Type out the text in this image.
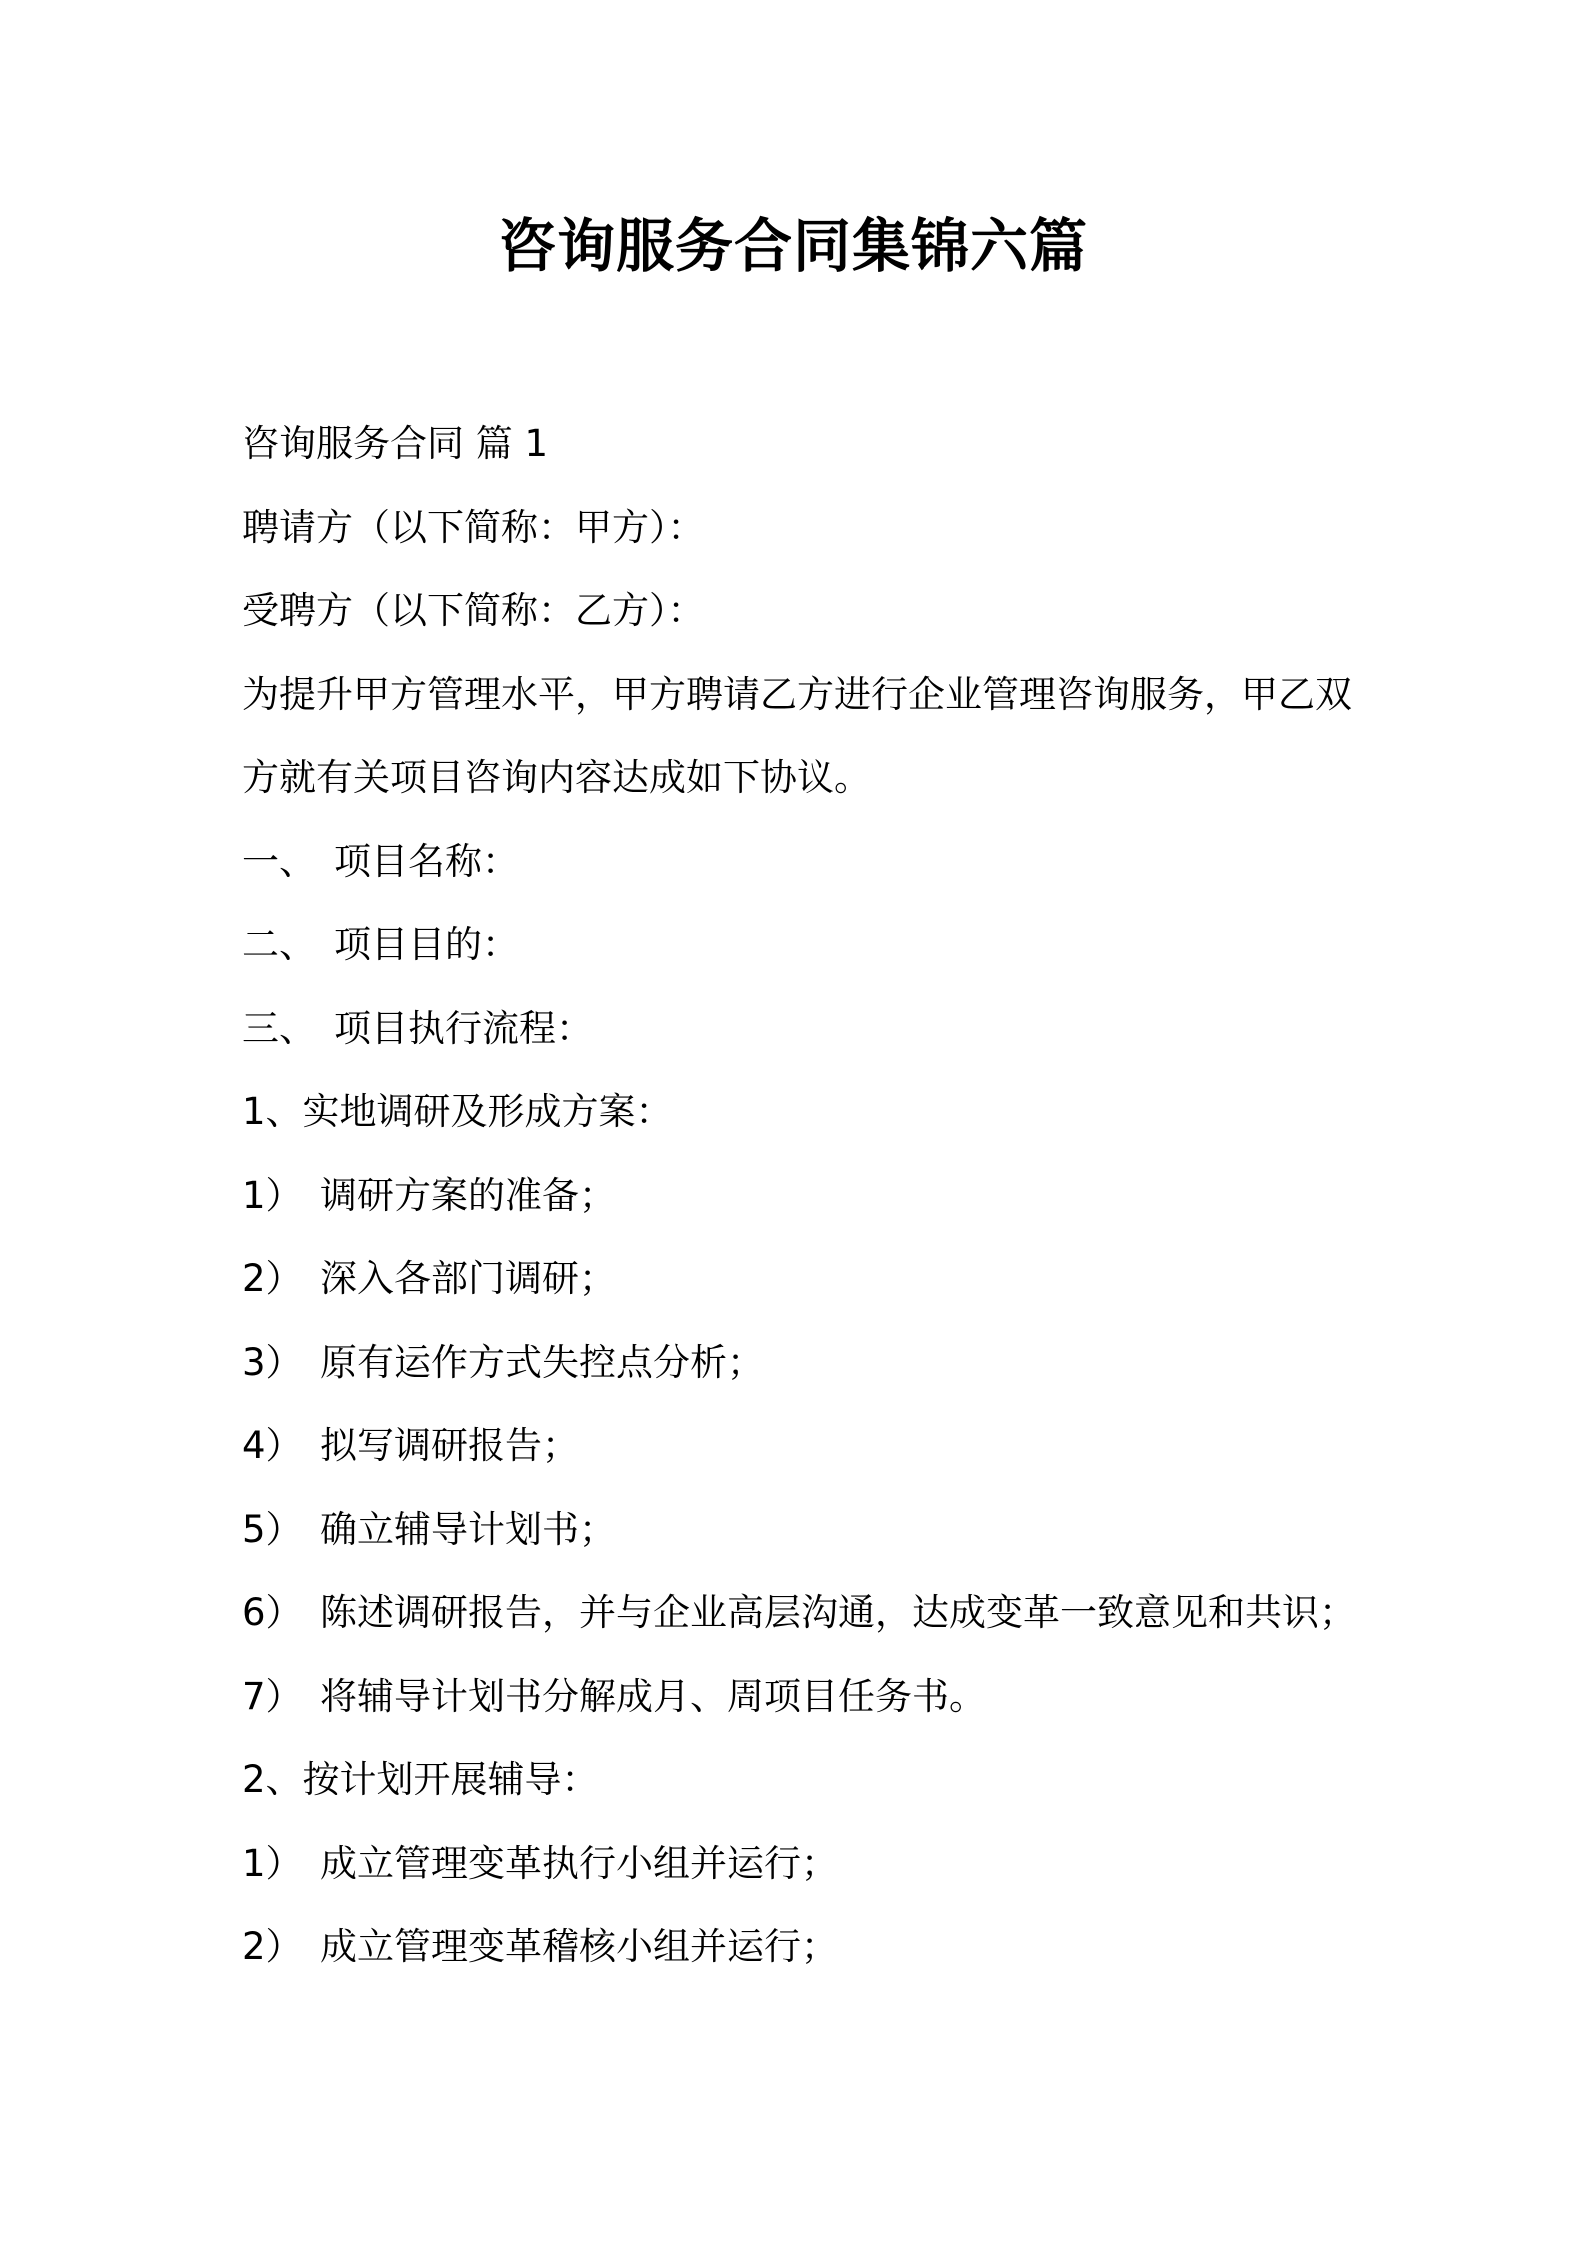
咨询服务合同集锦六篇
咨询服务合同 篇 1
聘请方（以下简称：甲方）：
受聘方（以下简称：乙方）：
为提升甲方管理水平，甲方聘请乙方进行企业管理咨询服务，甲乙双方就有关项目咨询内容达成如下协议。
一、 项目名称：
二、 项目目的：
三、 项目执行流程：
1、实地调研及形成方案：
1） 调研方案的准备；
2） 深入各部门调研；
3） 原有运作方式失控点分析；
4） 拟写调研报告；
5） 确立辅导计划书；
6） 陈述调研报告，并与企业高层沟通，达成变革一致意见和共识；
7） 将辅导计划书分解成月、周项目任务书。
2、按计划开展辅导：
1） 成立管理变革执行小组并运行；
2） 成立管理变革稽核小组并运行；
